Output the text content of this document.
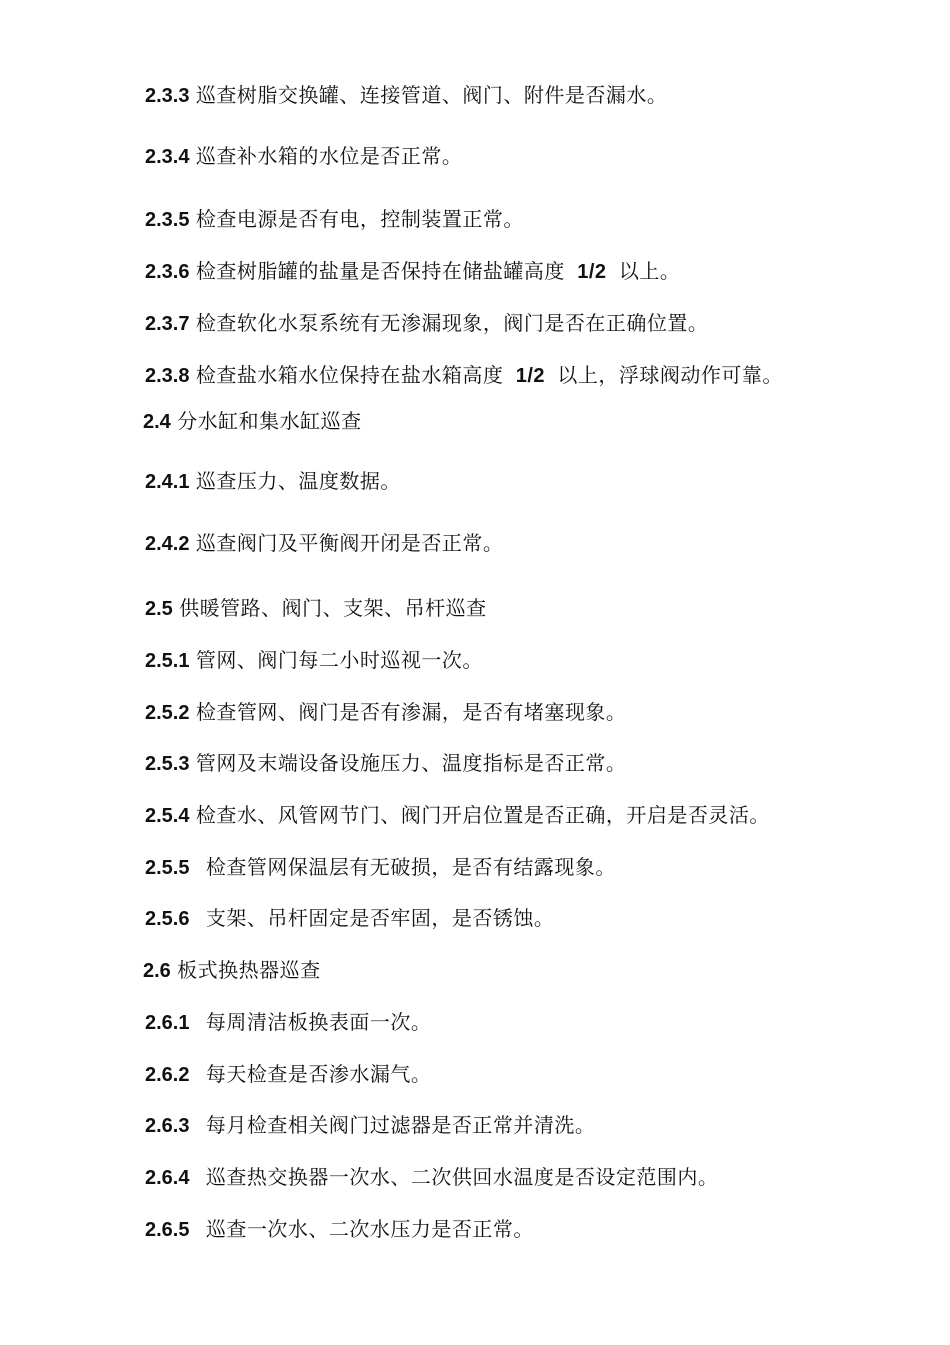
2.3.3 巡查树脂交换罐、连接管道、阀门、附件是否漏水。
2.3.4 巡查补水箱的水位是否正常。
2.3.5 检查电源是否有电，控制装置正常。
2.3.6 检查树脂罐的盐量是否保持在储盐罐高度 1/2 以上。
2.3.7 检查软化水泵系统有无渗漏现象，阀门是否在正确位置。
2.3.8 检查盐水箱水位保持在盐水箱高度 1/2 以上，浮球阀动作可靠。
2.4 分水缸和集水缸巡查
2.4.1 巡查压力、温度数据。
2.4.2 巡查阀门及平衡阀开闭是否正常。
2.5 供暖管路、阀门、支架、吊杆巡查
2.5.1 管网、阀门每二小时巡视一次。
2.5.2 检查管网、阀门是否有渗漏，是否有堵塞现象。
2.5.3 管网及末端设备设施压力、温度指标是否正常。
2.5.4 检查水、风管网节门、阀门开启位置是否正确，开启是否灵活。
2.5.5 检查管网保温层有无破损，是否有结露现象。
2.5.6 支架、吊杆固定是否牢固，是否锈蚀。
2.6 板式换热器巡查
2.6.1 每周清洁板换表面一次。
2.6.2 每天检查是否渗水漏气。
2.6.3 每月检查相关阀门过滤器是否正常并清洗。
2.6.4 巡查热交换器一次水、二次供回水温度是否设定范围内。
2.6.5 巡查一次水、二次水压力是否正常。
